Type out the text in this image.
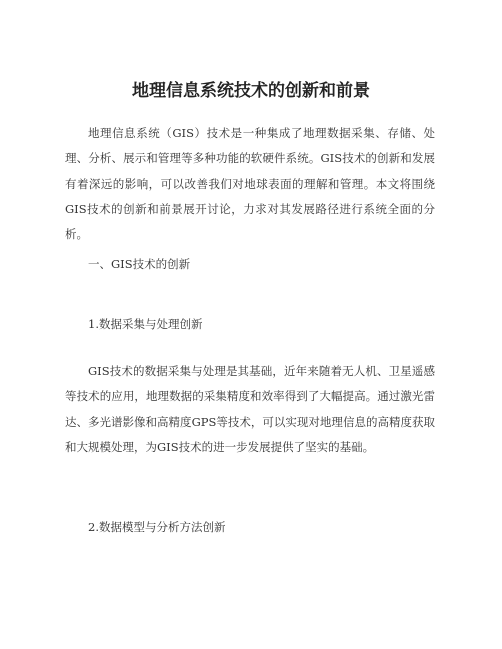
地理信息系统技术的创新和前景

地理信息系统（GIS）技术是一种集成了地理数据采集、存储、处理、分析、展示和管理等多种功能的软硬件系统。GIS技术的创新和发展有着深远的影响，可以改善我们对地球表面的理解和管理。本文将围绕GIS技术的创新和前景展开讨论，力求对其发展路径进行系统全面的分析。

一、GIS技术的创新
1.数据采集与处理创新

GIS技术的数据采集与处理是其基础，近年来随着无人机、卫星遥感等技术的应用，地理数据的采集精度和效率得到了大幅提高。通过激光雷达、多光谱影像和高精度GPS等技术，可以实现对地理信息的高精度获取和大规模处理，为GIS技术的进一步发展提供了坚实的基础。

2.数据模型与分析方法创新
